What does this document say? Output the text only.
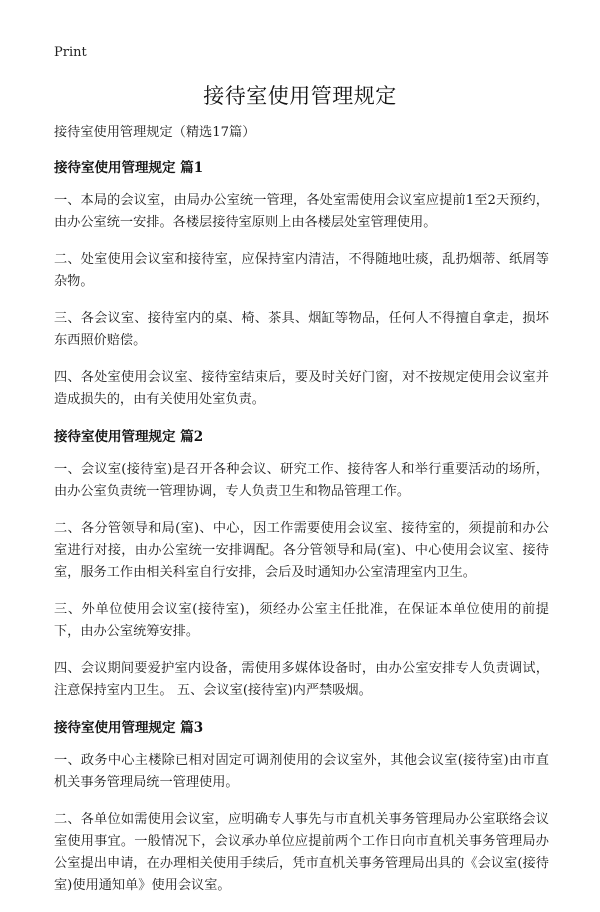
Print
接待室使用管理规定

接待室使用管理规定（精选17篇）

接待室使用管理规定 篇1

一、本局的会议室，由局办公室统一管理，各处室需使用会议室应提前1至2天预约，由办公室统一安排。各楼层接待室原则上由各楼层处室管理使用。

二、处室使用会议室和接待室，应保持室内清洁，不得随地吐痰，乱扔烟蒂、纸屑等杂物。

三、各会议室、接待室内的桌、椅、茶具、烟缸等物品，任何人不得擅自拿走，损坏东西照价赔偿。

四、各处室使用会议室、接待室结束后，要及时关好门窗，对不按规定使用会议室并造成损失的，由有关使用处室负责。

接待室使用管理规定 篇2

一、会议室(接待室)是召开各种会议、研究工作、接待客人和举行重要活动的场所，由办公室负责统一管理协调，专人负责卫生和物品管理工作。

二、各分管领导和局(室)、中心，因工作需要使用会议室、接待室的，须提前和办公室进行对接，由办公室统一安排调配。各分管领导和局(室)、中心使用会议室、接待室，服务工作由相关科室自行安排，会后及时通知办公室清理室内卫生。

三、外单位使用会议室(接待室)，须经办公室主任批准，在保证本单位使用的前提下，由办公室统筹安排。

四、会议期间要爱护室内设备，需使用多媒体设备时，由办公室安排专人负责调试，注意保持室内卫生。 五、会议室(接待室)内严禁吸烟。

接待室使用管理规定 篇3

一、政务中心主楼除已相对固定可调剂使用的会议室外，其他会议室(接待室)由市直机关事务管理局统一管理使用。

二、各单位如需使用会议室，应明确专人事先与市直机关事务管理局办公室联络会议室使用事宜。一般情况下，会议承办单位应提前两个工作日向市直机关事务管理局办公室提出申请，在办理相关使用手续后，凭市直机关事务管理局出具的《会议室(接待室)使用通知单》使用会议室。
